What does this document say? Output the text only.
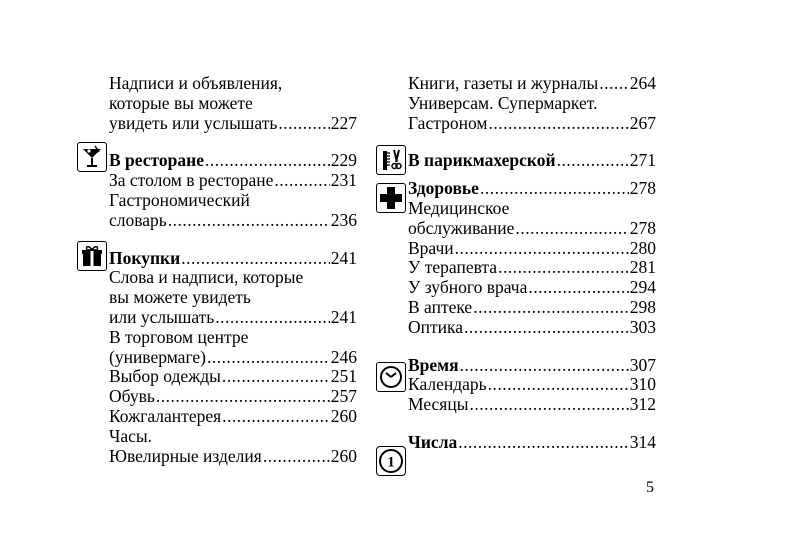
Надписи и объявления,
которые вы можете
увидеть или услышать .....	227
В ресторане .....	229
За столом в ресторане .....	231
Гастрономический
словарь .....	236
Покупки .....	241
Слова и надписи, которые
вы можете увидеть
или услышать .....	241
В торговом центре
(универмаге) .....	246
Выбор одежды .....	251
Обувь .....	257
Кожгалантерея .....	260
Часы.
Ювелирные изделия .....	260
Книги, газеты и журналы ..... 264
Универсам. Супермаркет.
Гастроном .....	267
В парикмахерской .....	271
Здоровье .....	278
Медицинское
обслуживание .....	278
Врачи .....	280
У терапевта .....	281
У зубного врача .....	294
В аптеке .....	298
Оптика .....	303
Время .....	307
Календарь .....	310
Месяцы .....	312
Числа .....	314
5
1
